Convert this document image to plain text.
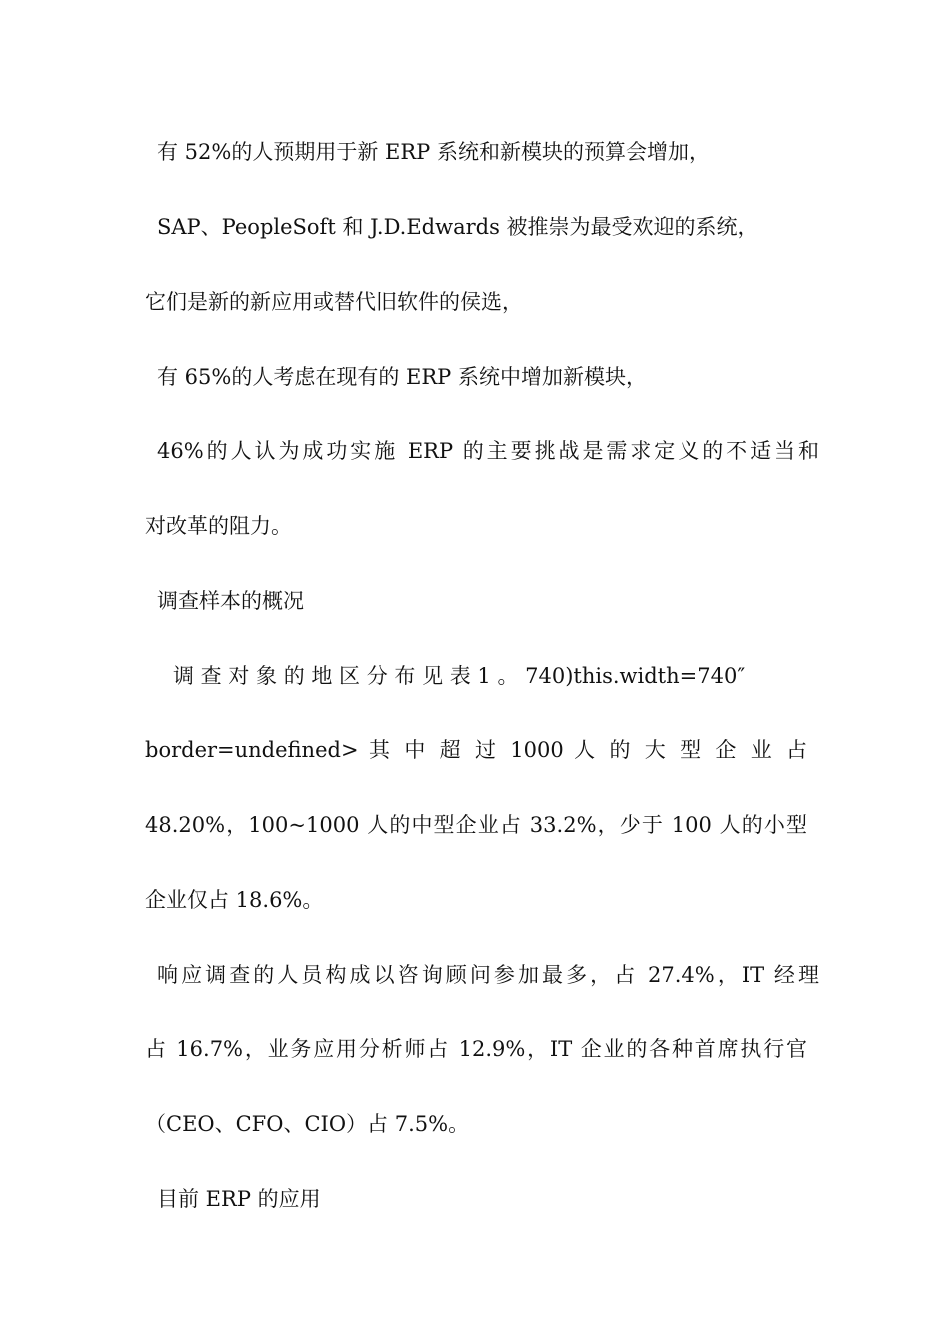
有 52%的人预期用于新 ERP 系统和新模块的预算会增加，
SAP、PeopleSoft 和 J.D.Edwards 被推崇为最受欢迎的系统，
它们是新的新应用或替代旧软件的侯选，
有 65%的人考虑在现有的 ERP 系统中增加新模块，
46%的人认为成功实施 ERP 的主要挑战是需求定义的不适当和
对改革的阻力。
调查样本的概况
调 查 对 象 的 地 区 分 布 见 表 1 。 740)this.width=740″
border=undefined> 其 中 超 过 1000 人 的 大 型 企 业 占
48.20%，100~1000 人的中型企业占 33.2%，少于 100 人的小型
企业仅占 18.6%。
响应调查的人员构成以咨询顾问参加最多，占 27.4%，IT 经理
占 16.7%，业务应用分析师占 12.9%，IT 企业的各种首席执行官
（CEO、CFO、CIO）占 7.5%。
目前 ERP 的应用
